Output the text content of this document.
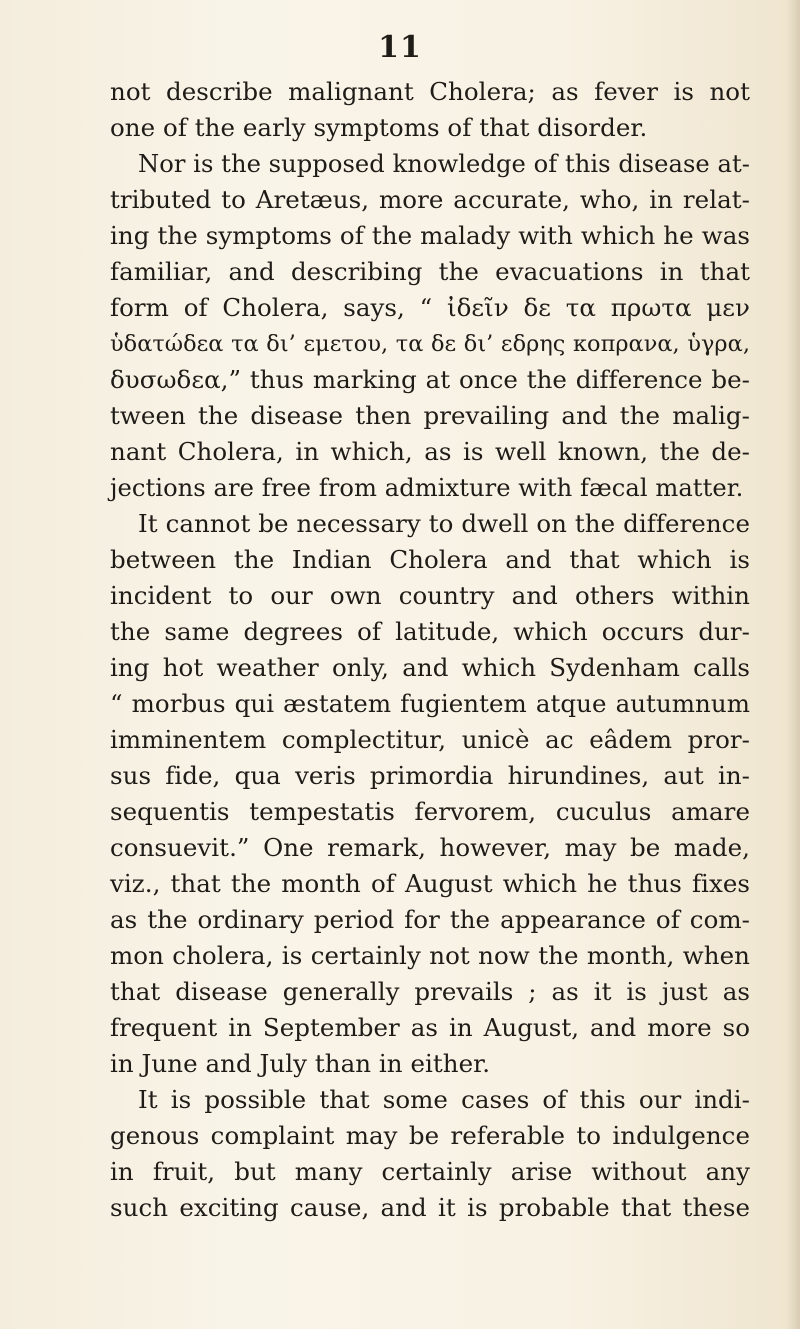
11
not describe malignant Cholera; as fever is not
one of the early symptoms of that disorder.
Nor is the supposed knowledge of this disease at-
tributed to Aretæus, more accurate, who, in relat-
ing the symptoms of the malady with which he was
familiar, and describing the evacuations in that
form of Cholera, says, “ ἰδεῖν δε τα πρωτα μεν
ὑδατώδεα τα δι’ εμετου, τα δε δι’ εδρης κοπρανα, ὑγρα,
δυσωδεα,” thus marking at once the difference be-
tween the disease then prevailing and the malig-
nant Cholera, in which, as is well known, the de-
jections are free from admixture with fæcal matter.
It cannot be necessary to dwell on the difference
between the Indian Cholera and that which is
incident to our own country and others within
the same degrees of latitude, which occurs dur-
ing hot weather only, and which Sydenham calls
“ morbus qui æstatem fugientem atque autumnum
imminentem complectitur, unicè ac eâdem pror-
sus fide, qua veris primordia hirundines, aut in-
sequentis tempestatis fervorem, cuculus amare
consuevit.” One remark, however, may be made,
viz., that the month of August which he thus fixes
as the ordinary period for the appearance of com-
mon cholera, is certainly not now the month, when
that disease generally prevails ; as it is just as
frequent in September as in August, and more so
in June and July than in either.
It is possible that some cases of this our indi-
genous complaint may be referable to indulgence
in fruit, but many certainly arise without any
such exciting cause, and it is probable that these
